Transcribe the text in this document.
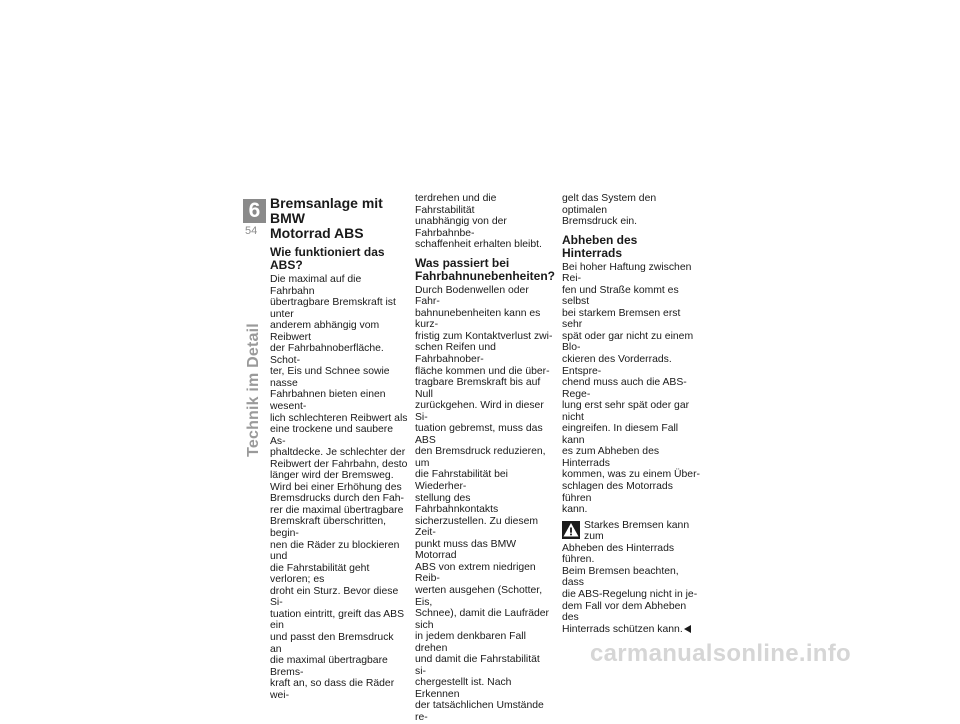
6
54
Technik im Detail
Bremsanlage mit BMW
Motorrad ABS
Wie funktioniert das ABS?

Die maximal auf die Fahrbahn
übertragbare Bremskraft ist unter
anderem abhängig vom Reibwert
der Fahrbahnoberfläche. Schot-
ter, Eis und Schnee sowie nasse
Fahrbahnen bieten einen wesent-
lich schlechteren Reibwert als
eine trockene und saubere As-
phaltdecke. Je schlechter der
Reibwert der Fahrbahn, desto
länger wird der Bremsweg.
Wird bei einer Erhöhung des
Bremsdrucks durch den Fah-
rer die maximal übertragbare
Bremskraft überschritten, begin-
nen die Räder zu blockieren und
die Fahrstabilität geht verloren; es
droht ein Sturz. Bevor diese Si-
tuation eintritt, greift das ABS ein
und passt den Bremsdruck an
die maximal übertragbare Brems-
kraft an, so dass die Räder wei-

terdrehen und die Fahrstabilität
unabhängig von der Fahrbahnbe-
schaffenheit erhalten bleibt.

Was passiert bei
Fahrbahnunebenheiten?

Durch Bodenwellen oder Fahr-
bahnunebenheiten kann es kurz-
fristig zum Kontaktverlust zwi-
schen Reifen und Fahrbahnober-
fläche kommen und die über-
tragbare Bremskraft bis auf Null
zurückgehen. Wird in dieser Si-
tuation gebremst, muss das ABS
den Bremsdruck reduzieren, um
die Fahrstabilität bei Wiederher-
stellung des Fahrbahnkontakts
sicherzustellen. Zu diesem Zeit-
punkt muss das BMW Motorrad
ABS von extrem niedrigen Reib-
werten ausgehen (Schotter, Eis,
Schnee), damit die Laufräder sich
in jedem denkbaren Fall drehen
und damit die Fahrstabilität si-
chergestellt ist. Nach Erkennen
der tatsächlichen Umstände re-

gelt das System den optimalen
Bremsdruck ein.

Abheben des Hinterrads

Bei hoher Haftung zwischen Rei-
fen und Straße kommt es selbst
bei starkem Bremsen erst sehr
spät oder gar nicht zu einem Blo-
ckieren des Vorderrads. Entspre-
chend muss auch die ABS-Rege-
lung erst sehr spät oder gar nicht
eingreifen. In diesem Fall kann
es zum Abheben des Hinterrads
kommen, was zu einem Über-
schlagen des Motorrads führen
kann.

Starkes Bremsen kann zum
Abheben des Hinterrads
führen.

Beim Bremsen beachten, dass
die ABS-Regelung nicht in je-
dem Fall vor dem Abheben des
Hinterrads schützen kann.

carmanualsonline.info
